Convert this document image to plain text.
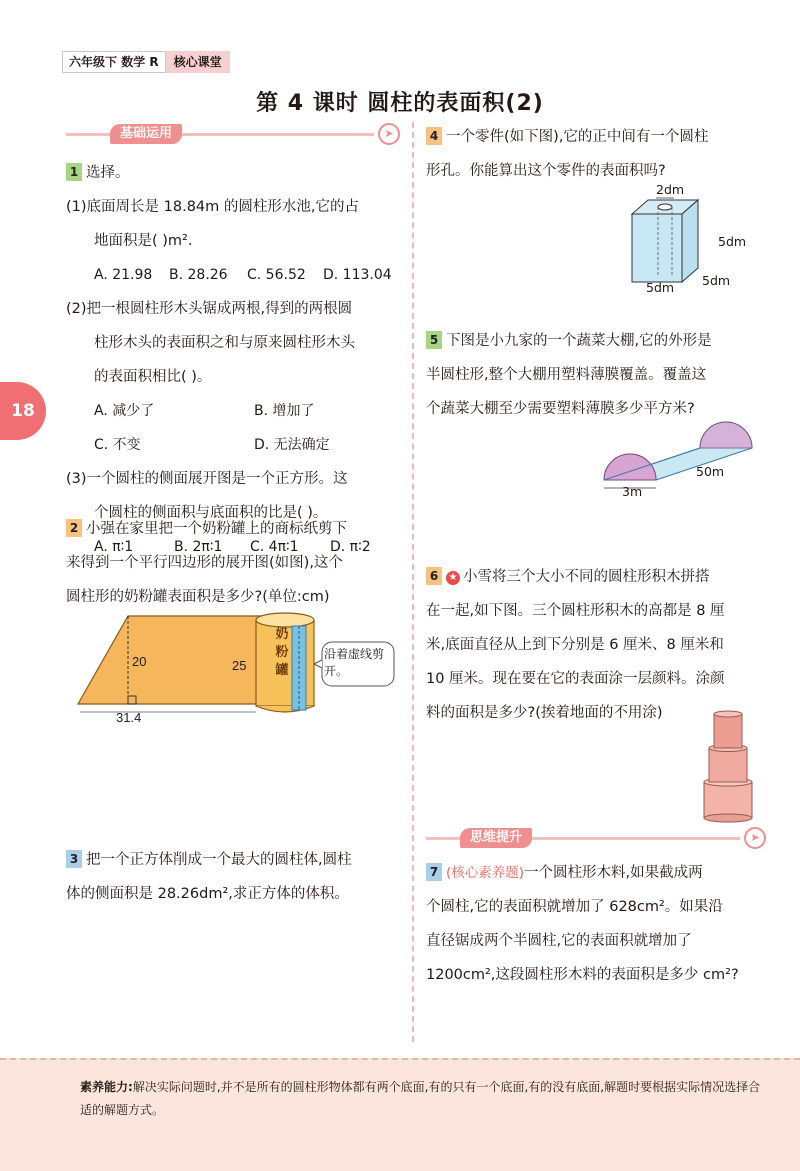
六年级下 数学 R	核心课堂
第 4 课时 圆柱的表面积(2)
18
基础运用	➤
1 选择。
(1)底面周长是 18.84m 的圆柱形水池,它的占
地面积是( )m².
A. 21.98	B. 28.26	C. 56.52	D. 113.04
(2)把一根圆柱形木头锯成两根,得到的两根圆
柱形木头的表面积之和与原来圆柱形木头
的表面积相比( )。
A. 减少了	B. 增加了
C. 不变	D. 无法确定
(3)一个圆柱的侧面展开图是一个正方形。这
个圆柱的侧面积与底面积的比是( )。
A. π∶1	B. 2π∶1	C. 4π∶1	D. π∶2
2 小强在家里把一个奶粉罐上的商标纸剪下
来得到一个平行四边形的展开图(如图),这个
圆柱形的奶粉罐表面积是多少?(单位:cm)
20	25
31.4
奶粉罐
沿着虚线剪开。
3 把一个正方体削成一个最大的圆柱体,圆柱
体的侧面积是 28.26dm²,求正方体的体积。
4 一个零件(如下图),它的正中间有一个圆柱
形孔。你能算出这个零件的表面积吗?
2dm
5dm
5dm 5dm
5 下图是小九家的一个蔬菜大棚,它的外形是
半圆柱形,整个大棚用塑料薄膜覆盖。覆盖这
个蔬菜大棚至少需要塑料薄膜多少平方米?
50m
3m
6 ★ 小雪将三个大小不同的圆柱形积木拼搭
在一起,如下图。三个圆柱形积木的高都是 8 厘
米,底面直径从上到下分别是 6 厘米、8 厘米和
10 厘米。现在要在它的表面涂一层颜料。涂颜
料的面积是多少?(挨着地面的不用涂)
思维提升	➤
7 (核心素养题)一个圆柱形木料,如果截成两
个圆柱,它的表面积就增加了 628cm²。如果沿
直径锯成两个半圆柱,它的表面积就增加了
1200cm²,这段圆柱形木料的表面积是多少 cm²?
素养能力:解决实际问题时,并不是所有的圆柱形物体都有两个底面,有的只有一个底面,有的没有底面,解题时要根据实际情况选择合适的解题方式。
